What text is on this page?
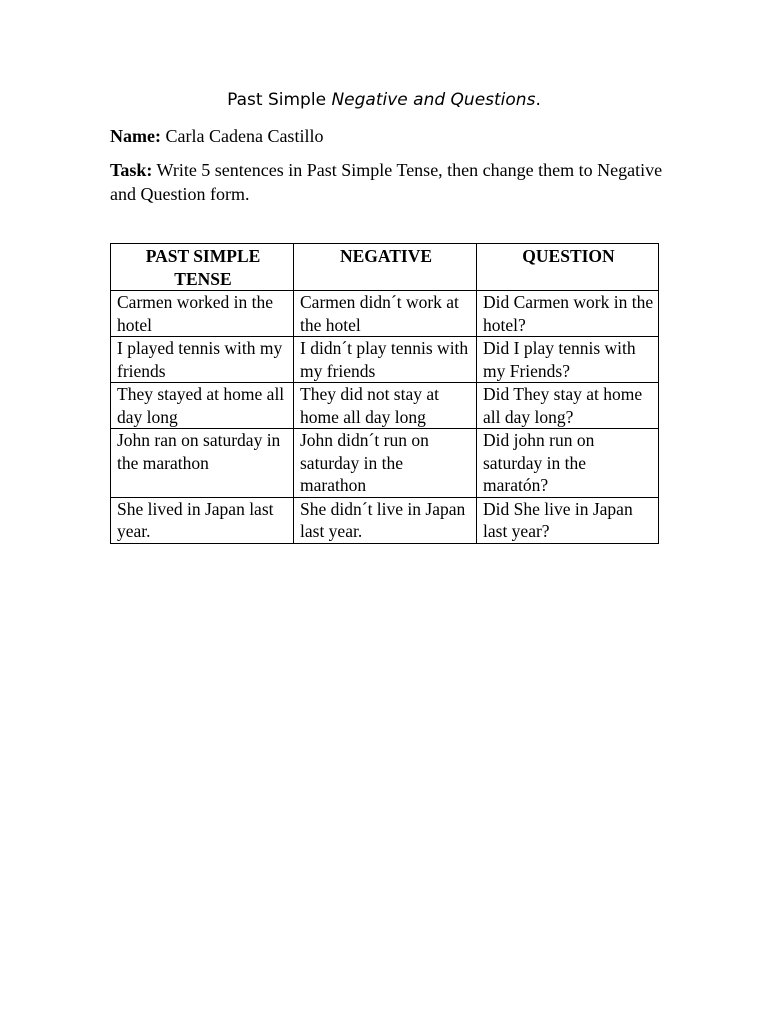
Past Simple Negative and Questions.
Name: Carla Cadena Castillo
Task: Write 5 sentences in Past Simple Tense, then change them to Negative and Question form.
PAST SIMPLE TENSE	NEGATIVE	QUESTION

Carmen worked in the hotel	Carmen didn´t work at the hotel	Did Carmen work in the hotel?

I played tennis with my friends	I didn´t play tennis with my friends	Did I play tennis with my Friends?

They stayed at home all day long	They did not stay at home all day long	Did They stay at home all day long?

John ran on saturday in the marathon	John didn´t run on saturday in the marathon	Did john run on saturday in the maratón?

She lived in Japan last year.	She didn´t live in Japan last year.	Did She live in Japan last year?
